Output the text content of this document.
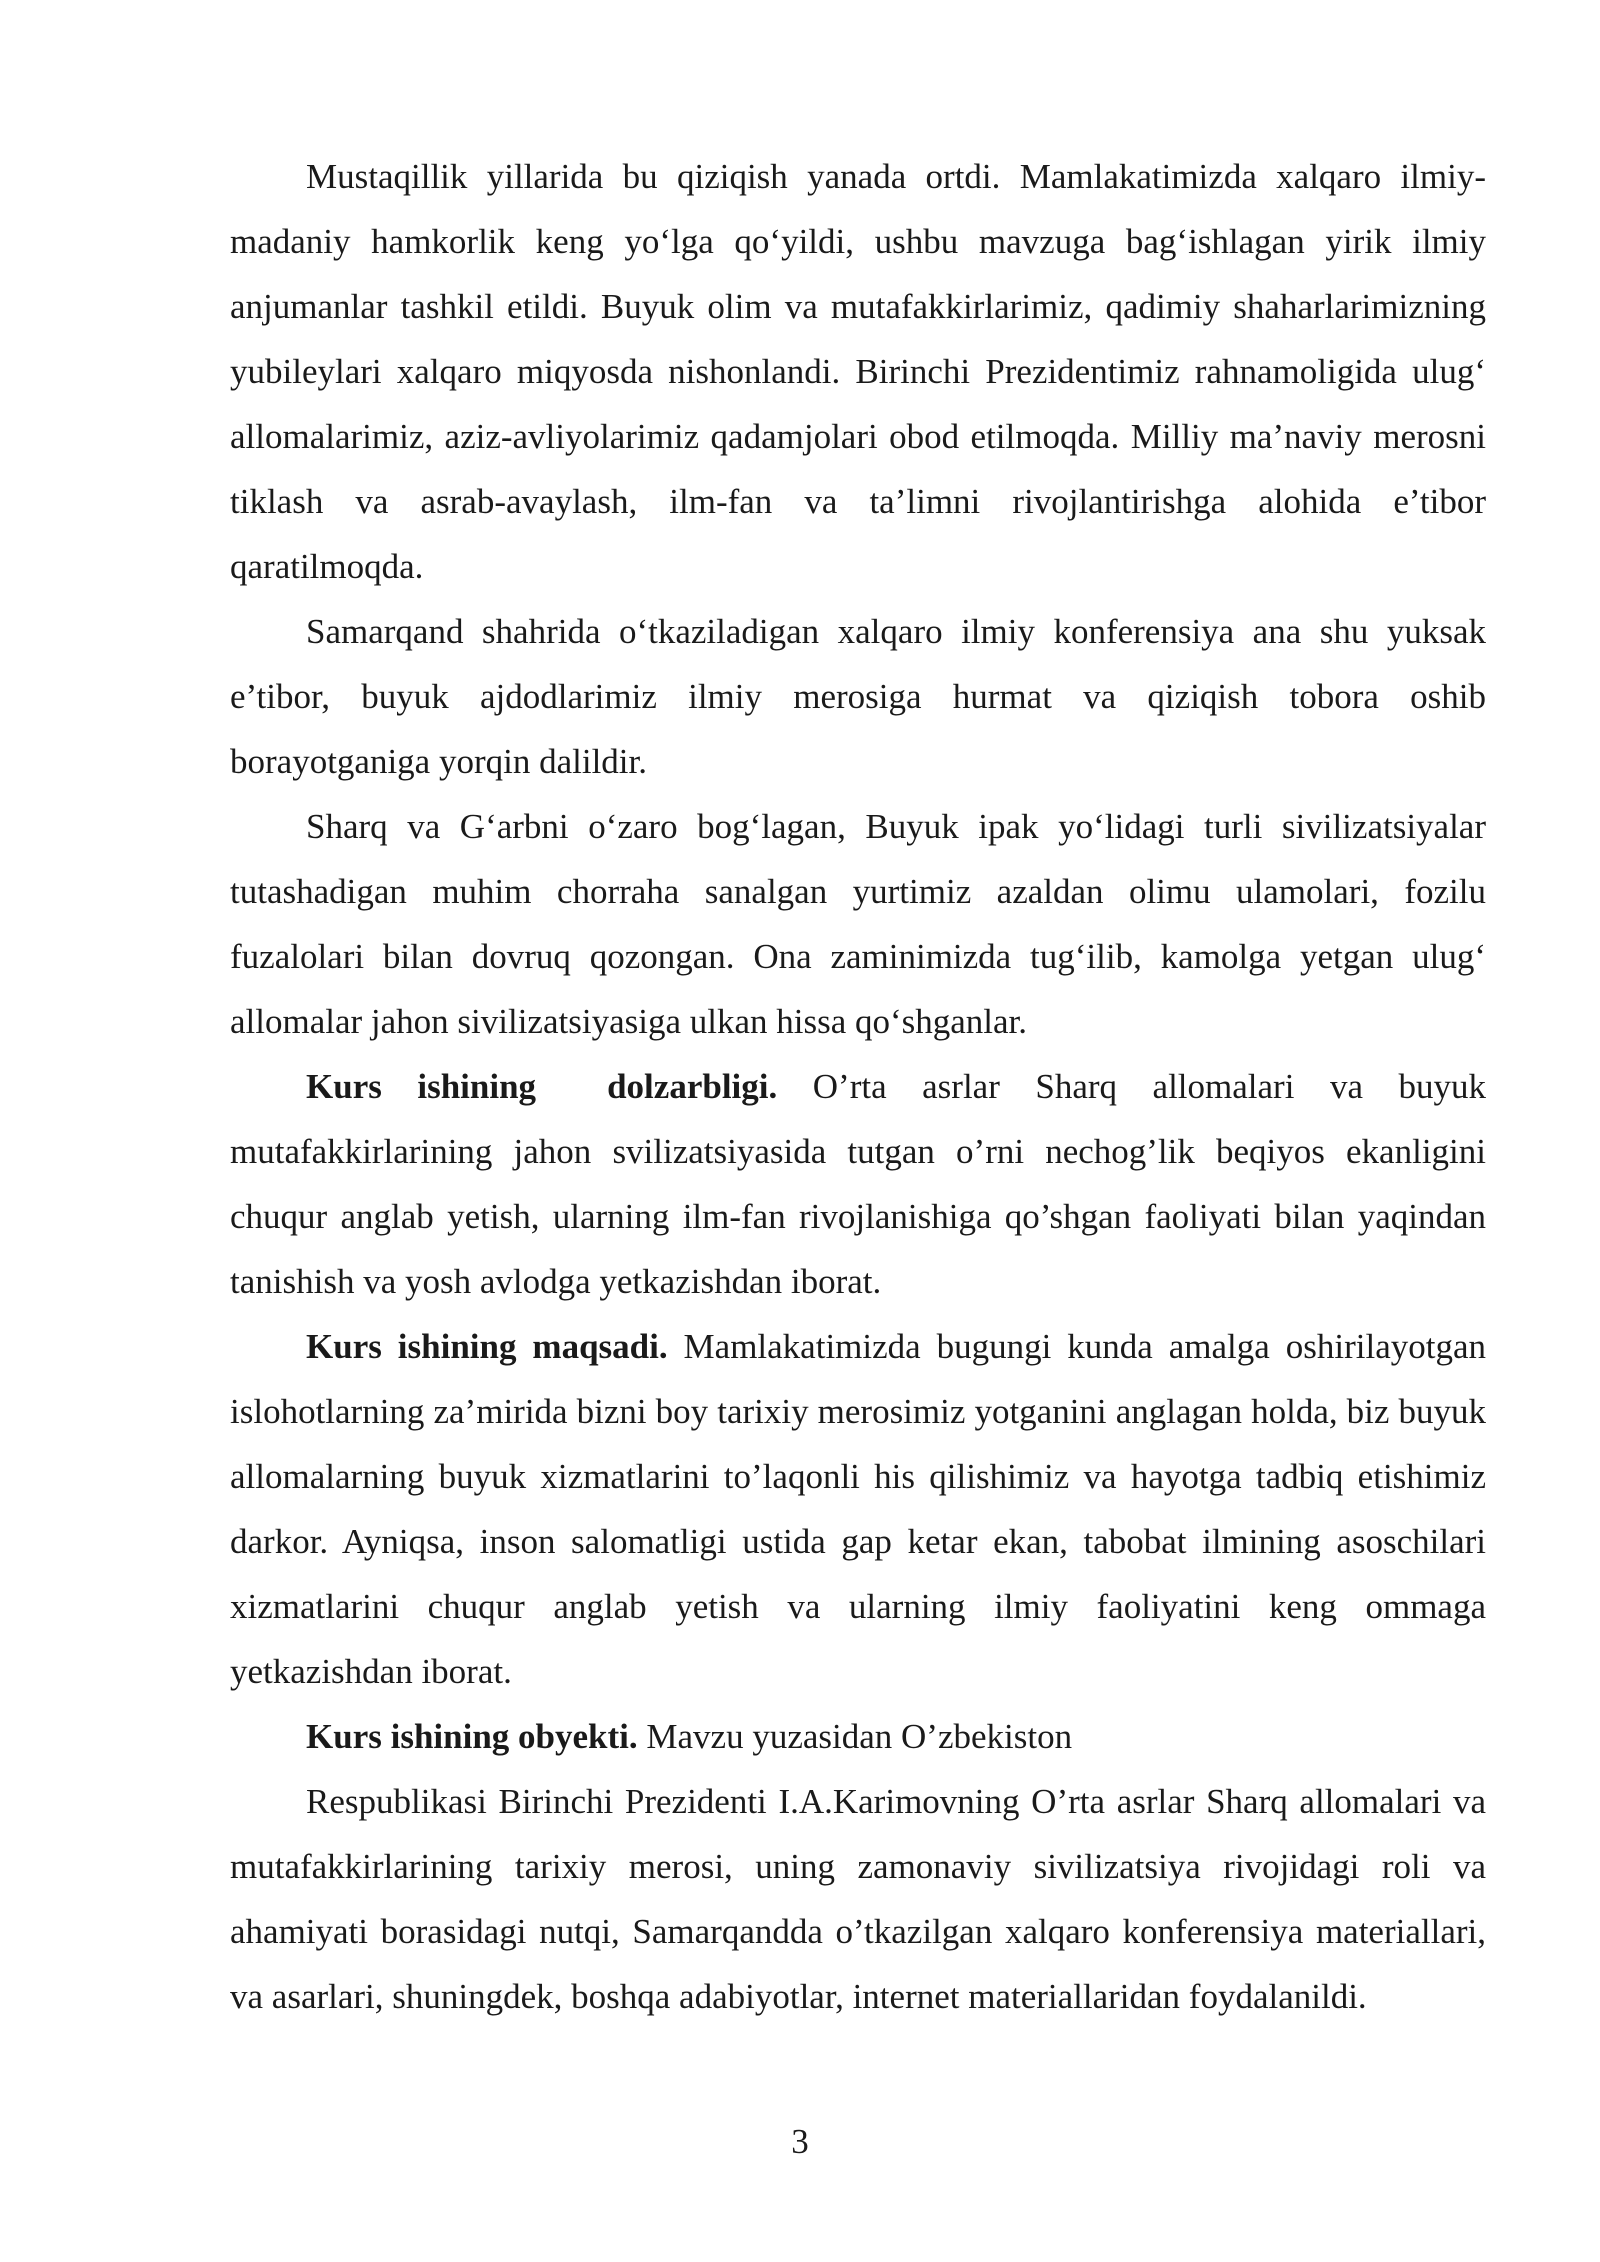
Mustaqillik yillarida bu qiziqish yanada ortdi. Mamlakatimizda xalqaro ilmiy-madaniy hamkorlik keng yo‘lga qo‘yildi, ushbu mavzuga bag‘ishlagan yirik ilmiy anjumanlar tashkil etildi. Buyuk olim va mutafakkirlarimiz, qadimiy shaharlarimizning yubileylari xalqaro miqyosda nishonlandi. Birinchi Prezidentimiz rahnamoligida ulug‘ allomalarimiz, aziz-avliyolarimiz qadamjolari obod etilmoqda. Milliy ma’naviy merosni tiklash va asrab-avaylash, ilm-fan va ta’limni rivojlantirishga alohida e’tibor qaratilmoqda.

Samarqand shahrida o‘tkaziladigan xalqaro ilmiy konferensiya ana shu yuksak e’tibor, buyuk ajdodlarimiz ilmiy merosiga hurmat va qiziqish tobora oshib borayotganiga yorqin dalildir.

Sharq va G‘arbni o‘zaro bog‘lagan, Buyuk ipak yo‘lidagi turli sivilizatsiyalar tutashadigan muhim chorraha sanalgan yurtimiz azaldan olimu ulamolari, fozilu fuzalolari bilan dovruq qozongan. Ona zaminimizda tug‘ilib, kamolga yetgan ulug‘ allomalar jahon sivilizatsiyasiga ulkan hissa qo‘shganlar.

Kurs ishining  dolzarbligi. O’rta asrlar Sharq allomalari va buyuk mutafakkirlarining jahon svilizatsiyasida tutgan o’rni nechog’lik beqiyos ekanligini chuqur anglab yetish, ularning ilm-fan rivojlanishiga qo’shgan faoliyati bilan yaqindan tanishish va yosh avlodga yetkazishdan iborat.

Kurs ishining maqsadi. Mamlakatimizda bugungi kunda amalga oshirilayotgan islohotlarning za’mirida bizni boy tarixiy merosimiz yotganini anglagan holda, biz buyuk allomalarning buyuk xizmatlarini to’laqonli his qilishimiz va hayotga tadbiq etishimiz darkor. Ayniqsa, inson salomatligi ustida gap ketar ekan, tabobat ilmining asoschilari xizmatlarini chuqur anglab yetish va ularning ilmiy faoliyatini keng ommaga yetkazishdan iborat.

Kurs ishining obyekti. Mavzu yuzasidan O’zbekiston

Respublikasi Birinchi Prezidenti I.A.Karimovning O’rta asrlar Sharq allomalari va mutafakkirlarining tarixiy merosi, uning zamonaviy sivilizatsiya rivojidagi roli va ahamiyati borasidagi nutqi, Samarqandda o’tkazilgan xalqaro konferensiya materiallari, va asarlari, shuningdek, boshqa adabiyotlar, internet materiallaridan foydalanildi.

3
